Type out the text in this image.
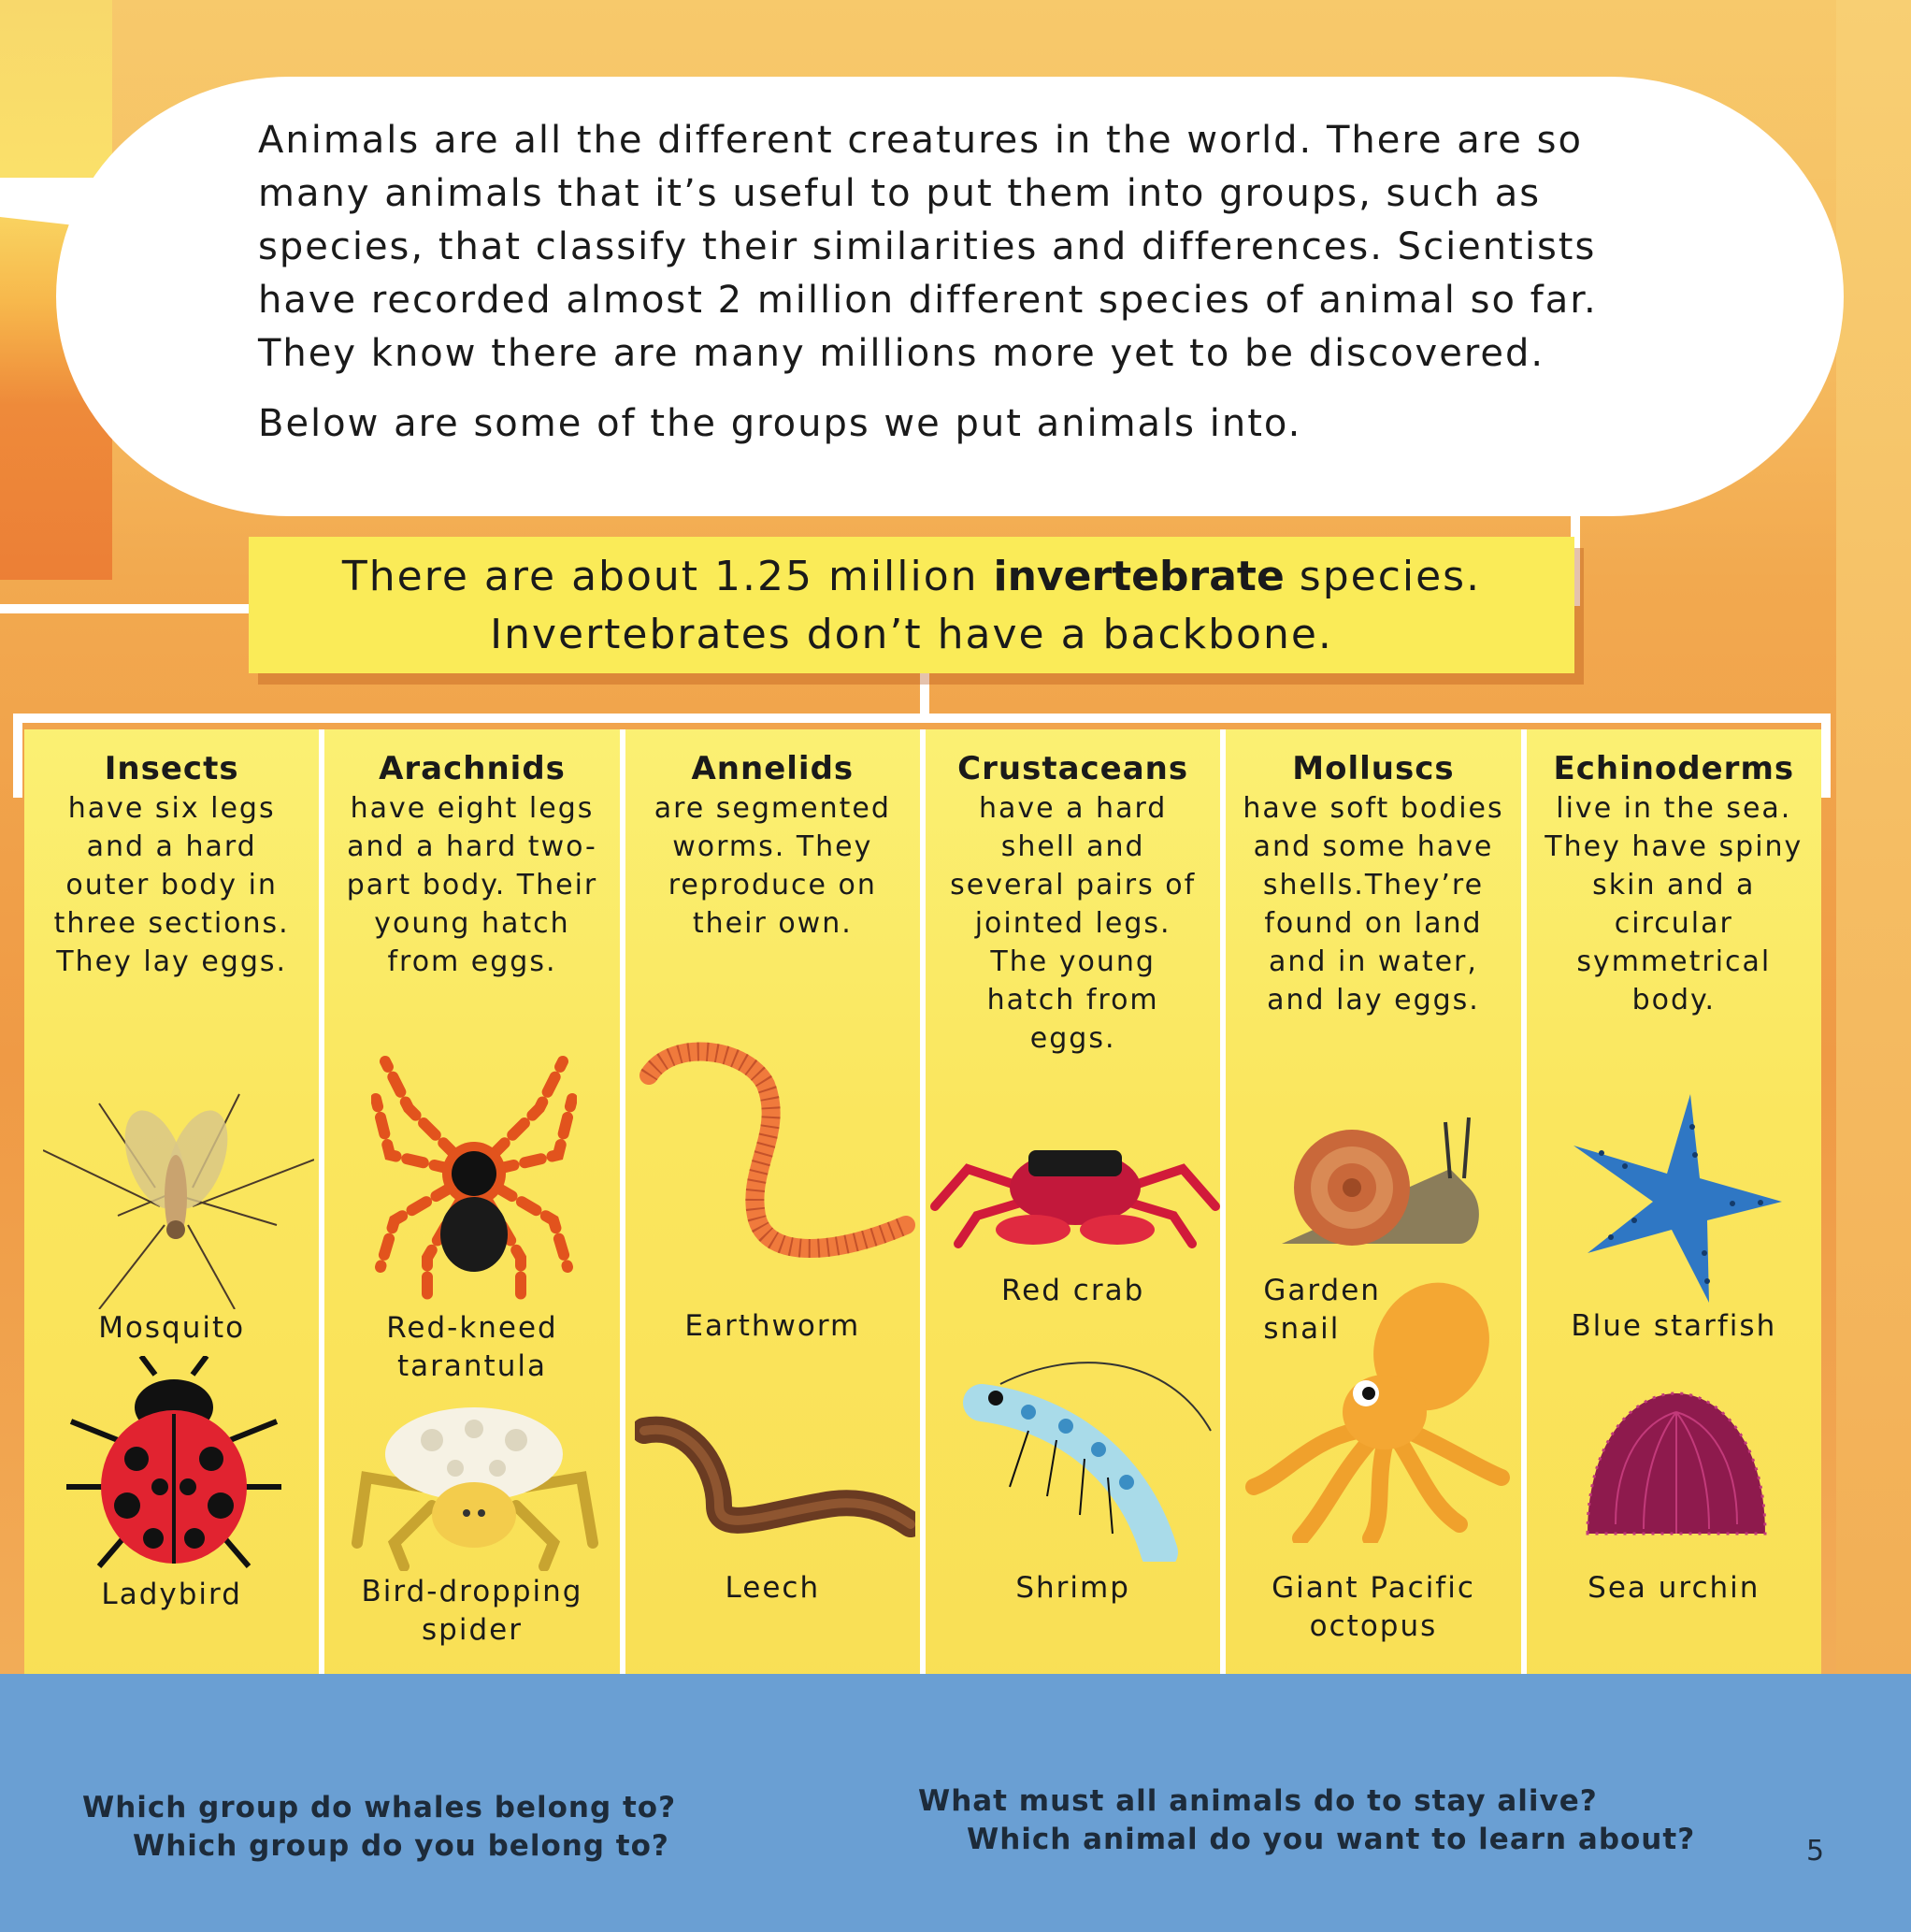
Animals are all the different creatures in the world. There are so many animals that it’s useful to put them into groups, such as species, that classify their similarities and differences. Scientists have recorded almost 2 million different species of animal so far. They know there are many millions more yet to be discovered.

Below are some of the groups we put animals into.

There are about 1.25 million invertebrate species.
Invertebrates don’t have a backbone.
Insects
have six legs and a hard outer body in three sections. They lay eggs.
Mosquito
Ladybird
Arachnids
have eight legs and a hard two-part body. Their young hatch from eggs.
Red-kneed tarantula
Bird-dropping spider
Annelids
are segmented worms. They reproduce on their own.
Earthworm
Leech
Crustaceans
have a hard shell and several pairs of jointed legs. The young hatch from eggs.
Red crab
Shrimp
Molluscs
have soft bodies and some have shells.They’re found on land and in water, and lay eggs.
Garden snail
Giant Pacific octopus
Echinoderms
live in the sea. They have spiny skin and a circular symmetrical body.
Blue starfish
Sea urchin
Which group do whales belong to?
Which group do you belong to?
What must all animals do to stay alive?
Which animal do you want to learn about?	5
